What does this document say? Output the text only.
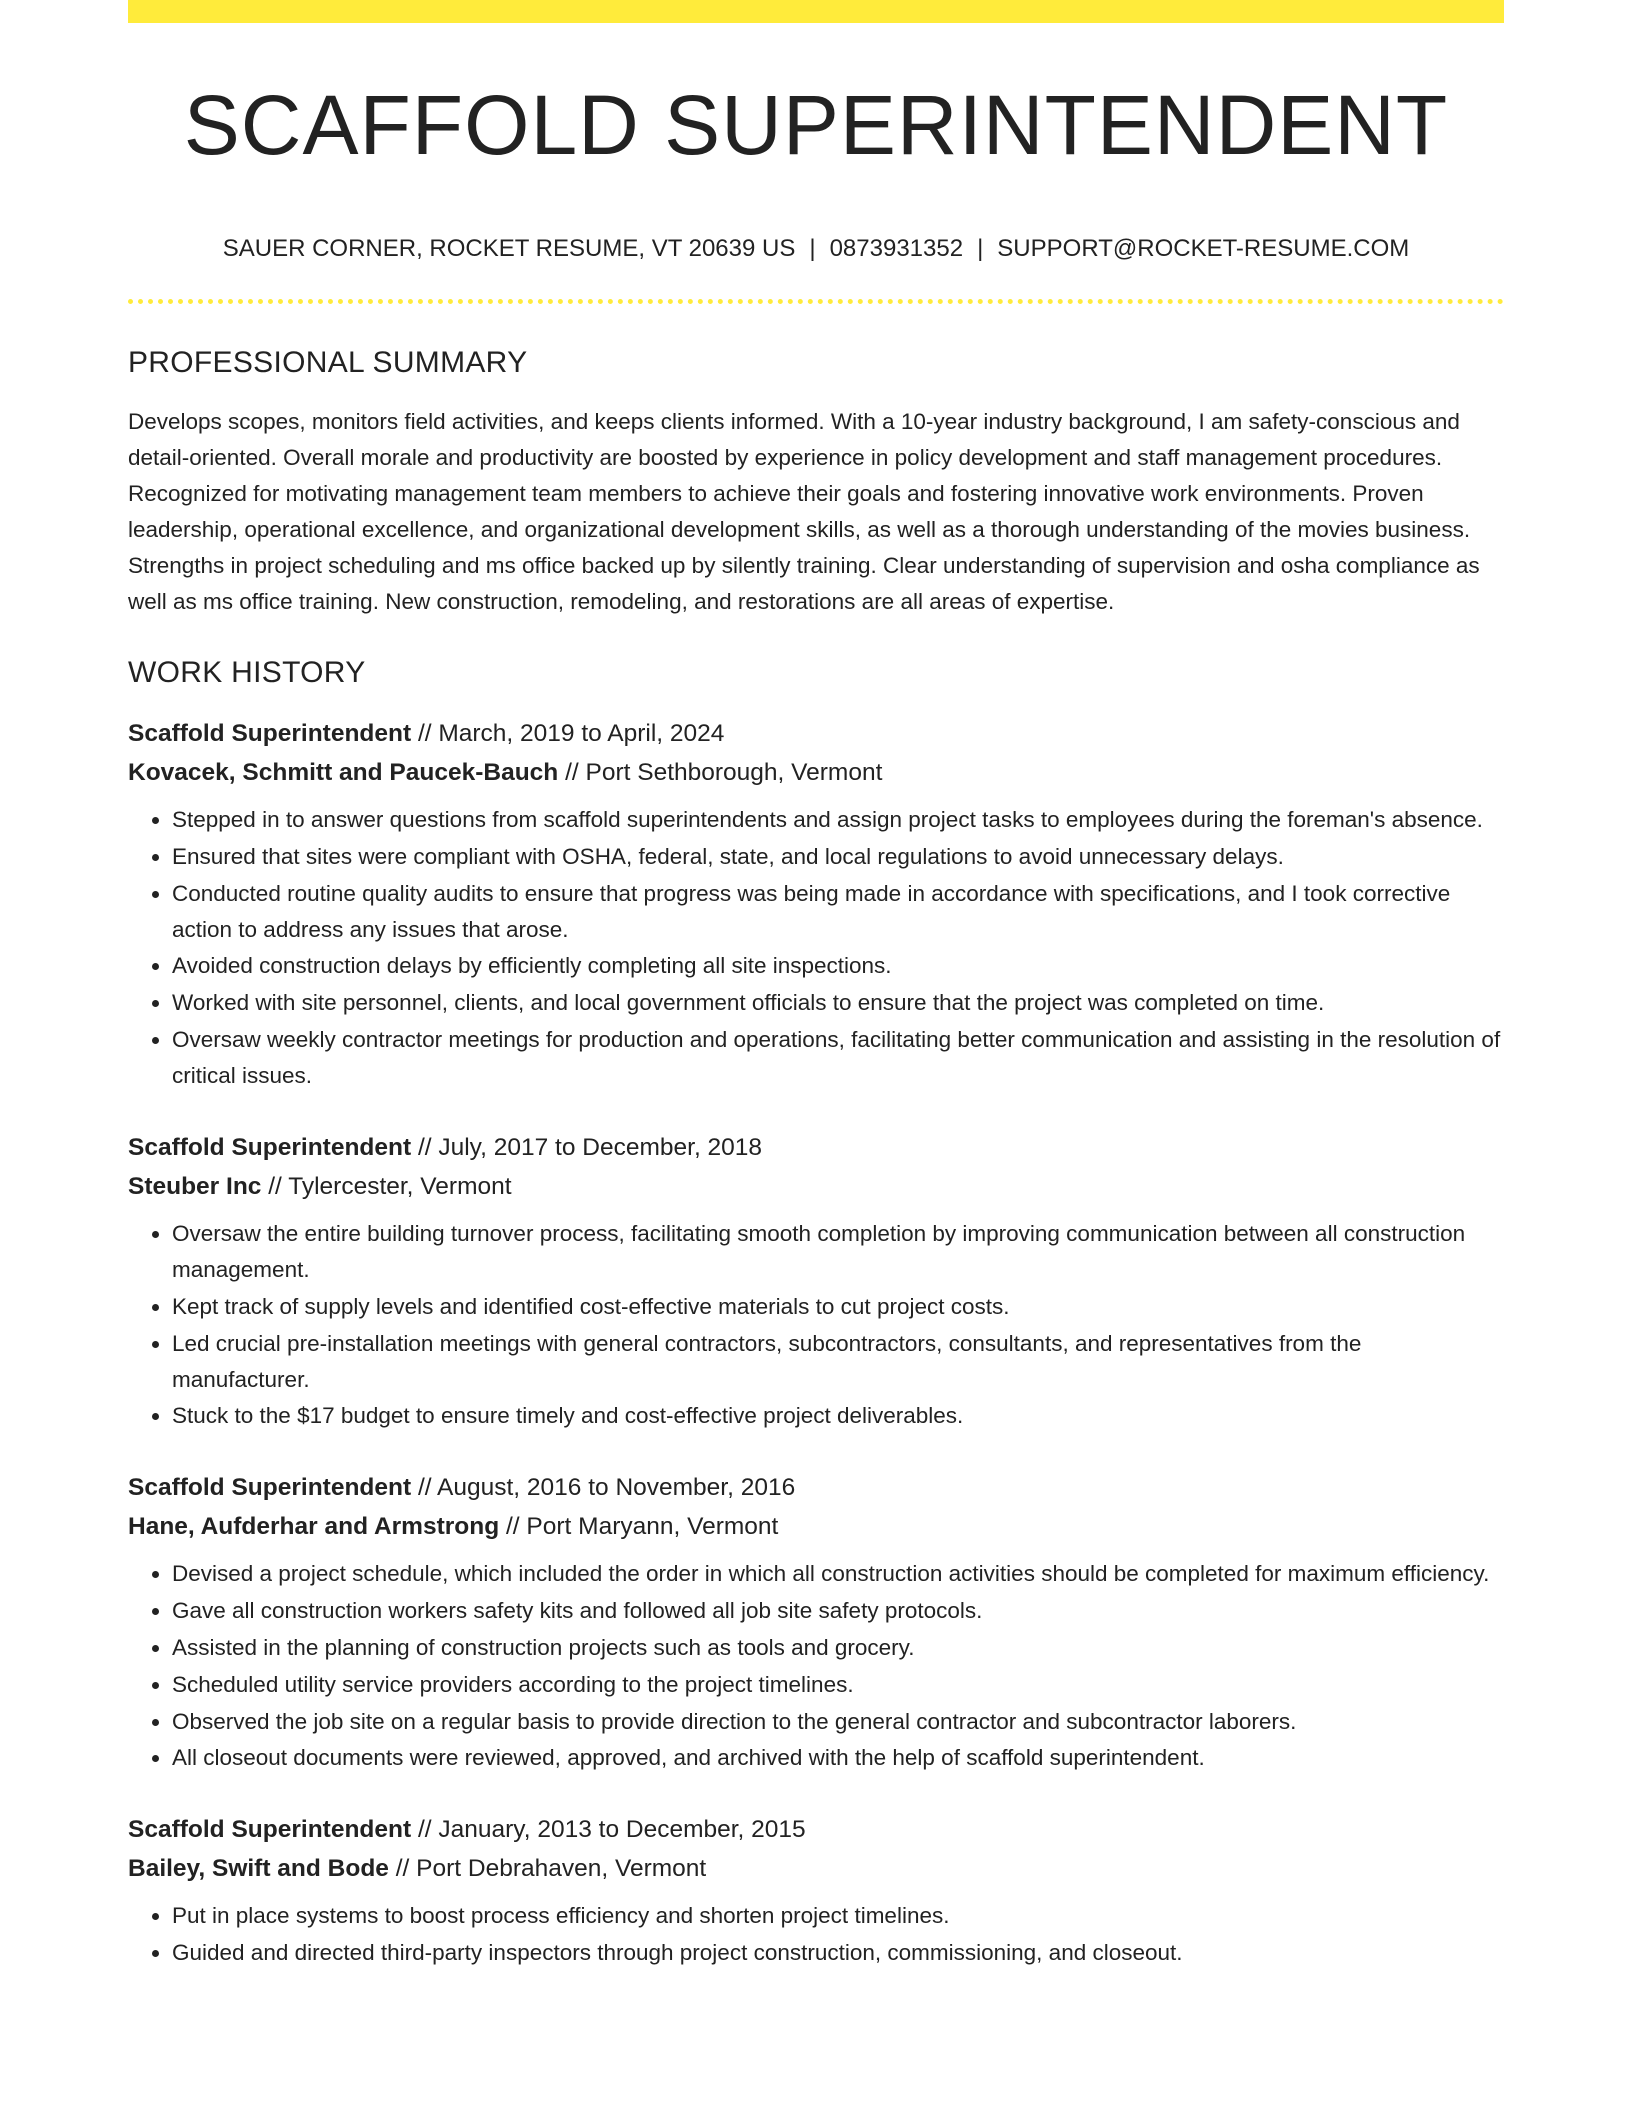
SCAFFOLD SUPERINTENDENT
SAUER CORNER, ROCKET RESUME, VT 20639 US | 0873931352 | SUPPORT@ROCKET-RESUME.COM
PROFESSIONAL SUMMARY

Develops scopes, monitors field activities, and keeps clients informed. With a 10-year industry background, I am safety-conscious and detail-oriented. Overall morale and productivity are boosted by experience in policy development and staff management procedures. Recognized for motivating management team members to achieve their goals and fostering innovative work environments. Proven leadership, operational excellence, and organizational development skills, as well as a thorough understanding of the movies business. Strengths in project scheduling and ms office backed up by silently training. Clear understanding of supervision and osha compliance as well as ms office training. New construction, remodeling, and restorations are all areas of expertise.

WORK HISTORY
Scaffold Superintendent // March, 2019 to April, 2024
Kovacek, Schmitt and Paucek-Bauch // Port Sethborough, Vermont
• Stepped in to answer questions from scaffold superintendents and assign project tasks to employees during the foreman's absence.
• Ensured that sites were compliant with OSHA, federal, state, and local regulations to avoid unnecessary delays.
• Conducted routine quality audits to ensure that progress was being made in accordance with specifications, and I took corrective action to address any issues that arose.
• Avoided construction delays by efficiently completing all site inspections.
• Worked with site personnel, clients, and local government officials to ensure that the project was completed on time.
• Oversaw weekly contractor meetings for production and operations, facilitating better communication and assisting in the resolution of critical issues.
Scaffold Superintendent // July, 2017 to December, 2018
Steuber Inc // Tylercester, Vermont
• Oversaw the entire building turnover process, facilitating smooth completion by improving communication between all construction management.
• Kept track of supply levels and identified cost-effective materials to cut project costs.
• Led crucial pre-installation meetings with general contractors, subcontractors, consultants, and representatives from the manufacturer.
• Stuck to the $17 budget to ensure timely and cost-effective project deliverables.
Scaffold Superintendent // August, 2016 to November, 2016
Hane, Aufderhar and Armstrong // Port Maryann, Vermont
• Devised a project schedule, which included the order in which all construction activities should be completed for maximum efficiency.
• Gave all construction workers safety kits and followed all job site safety protocols.
• Assisted in the planning of construction projects such as tools and grocery.
• Scheduled utility service providers according to the project timelines.
• Observed the job site on a regular basis to provide direction to the general contractor and subcontractor laborers.
• All closeout documents were reviewed, approved, and archived with the help of scaffold superintendent.
Scaffold Superintendent // January, 2013 to December, 2015
Bailey, Swift and Bode // Port Debrahaven, Vermont
• Put in place systems to boost process efficiency and shorten project timelines.
• Guided and directed third-party inspectors through project construction, commissioning, and closeout.
